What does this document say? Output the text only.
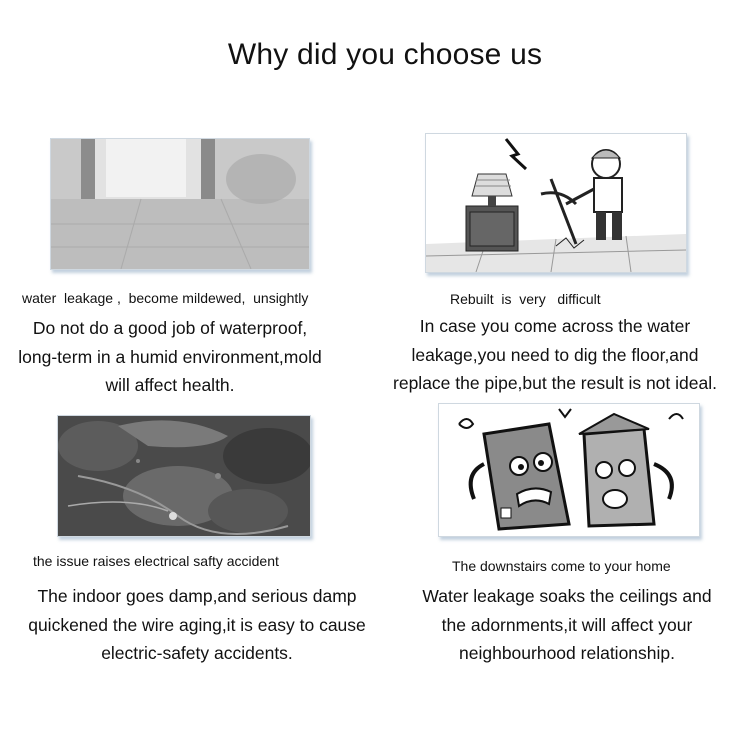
Why did you choose us
water  leakage ,  become mildewed,  unsightly
Do not do a good job of waterproof,
long-term in a humid environment,mold
will affect health.
Rebuilt  is  very   difficult
In case you come across the water
leakage,you need to dig the floor,and
replace the pipe,but the result is not ideal.
the issue raises electrical safty accident
The indoor goes damp,and serious damp
quickened the wire aging,it is easy to cause
electric-safety accidents.
The downstairs come to your home
Water leakage soaks the ceilings and
the adornments,it will affect your
neighbourhood relationship.
